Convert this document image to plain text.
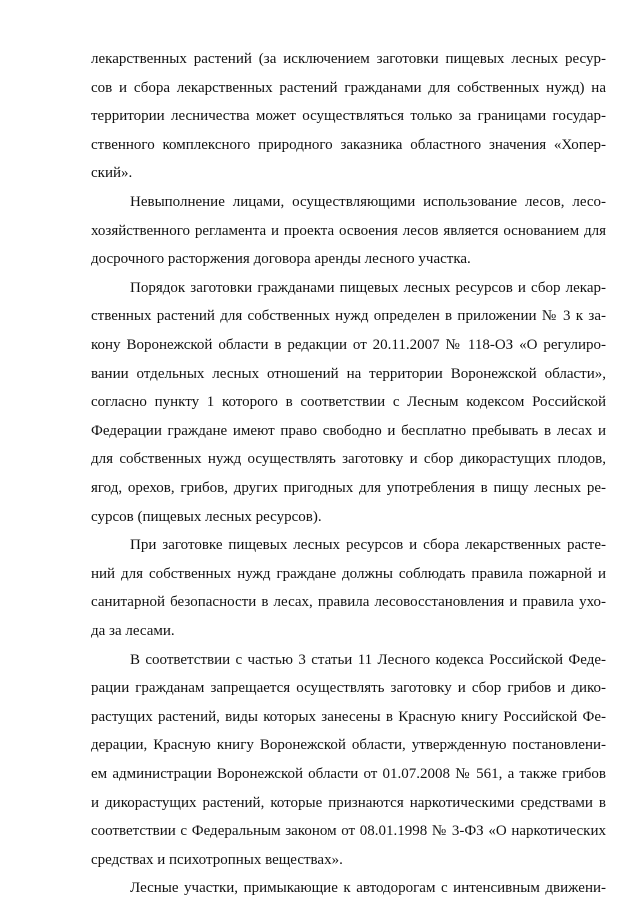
лекарственных растений (за исключением заготовки пищевых лесных ресур-
сов и сбора лекарственных растений гражданами для собственных нужд) на
территории лесничества может осуществляться только за границами государ-
ственного комплексного природного заказника областного значения «Хопер-
ский».
Невыполнение лицами, осуществляющими использование лесов, лесо-
хозяйственного регламента и проекта освоения лесов является основанием для
досрочного расторжения договора аренды лесного участка.
Порядок заготовки гражданами пищевых лесных ресурсов и сбор лекар-
ственных растений для собственных нужд определен в приложении № 3 к за-
кону Воронежской области в редакции от 20.11.2007 № 118-ОЗ «О регулиро-
вании отдельных лесных отношений на территории Воронежской области»,
согласно пункту 1 которого в соответствии с Лесным кодексом Российской
Федерации граждане имеют право свободно и бесплатно пребывать в лесах и
для собственных нужд осуществлять заготовку и сбор дикорастущих плодов,
ягод, орехов, грибов, других пригодных для употребления в пищу лесных ре-
сурсов (пищевых лесных ресурсов).
При заготовке пищевых лесных ресурсов и сбора лекарственных расте-
ний для собственных нужд граждане должны соблюдать правила пожарной и
санитарной безопасности в лесах, правила лесовосстановления и правила ухо-
да за лесами.
В соответствии с частью 3 статьи 11 Лесного кодекса Российской Феде-
рации гражданам запрещается осуществлять заготовку и сбор грибов и дико-
растущих растений, виды которых занесены в Красную книгу Российской Фе-
дерации, Красную книгу Воронежской области, утвержденную постановлени-
ем администрации Воронежской области от 01.07.2008 № 561, а также грибов
и дикорастущих растений, которые признаются наркотическими средствами в
соответствии с Федеральным законом от 08.01.1998 № 3-ФЗ «О наркотических
средствах и психотропных веществах».
Лесные участки, примыкающие к автодорогам с интенсивным движени-
